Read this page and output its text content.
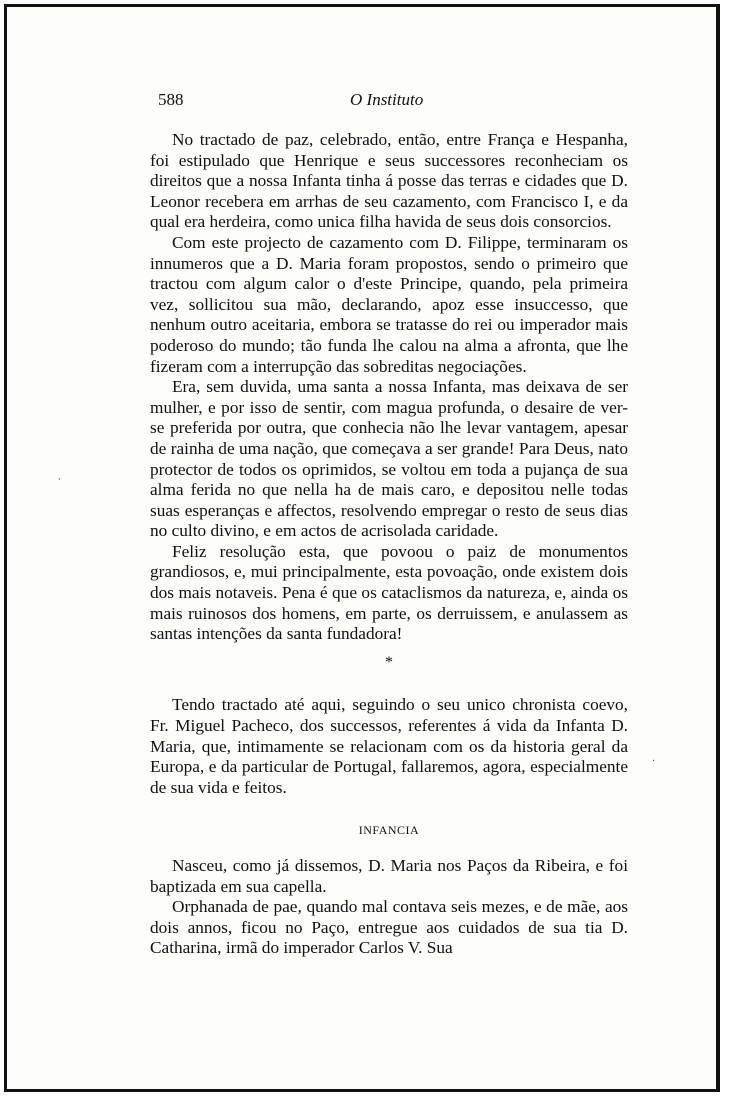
⸳
·
588	O Instituto

No tractado de paz, celebrado, então, entre França e Hespanha, foi estipulado que Henrique e seus successores reconheciam os direitos que a nossa Infanta tinha á posse das terras e cidades que D. Leonor recebera em arrhas de seu cazamento, com Francisco I, e da qual era herdeira, como unica filha havida de seus dois consorcios.

Com este projecto de cazamento com D. Filippe, terminaram os innumeros que a D. Maria foram propostos, sendo o primeiro que tractou com algum calor o d'este Principe, quando, pela primeira vez, sollicitou sua mão, declarando, apoz esse insuccesso, que nenhum outro aceitaria, embora se tratasse do rei ou imperador mais poderoso do mundo; tão funda lhe calou na alma a afronta, que lhe fizeram com a interrupção das sobreditas negociações.

Era, sem duvida, uma santa a nossa Infanta, mas deixava de ser mulher, e por isso de sentir, com magua profunda, o desaire de ver-se preferida por outra, que conhecia não lhe levar vantagem, apesar de rainha de uma nação, que começava a ser grande! Para Deus, nato protector de todos os oprimidos, se voltou em toda a pujança de sua alma ferida no que nella ha de mais caro, e depositou nelle todas suas esperanças e affectos, resolvendo empregar o resto de seus dias no culto divino, e em actos de acrisolada caridade.

Feliz resolução esta, que povoou o paiz de monumentos grandiosos, e, mui principalmente, esta povoação, onde existem dois dos mais notaveis. Pena é que os cataclismos da natureza, e, ainda os mais ruinosos dos homens, em parte, os derruissem, e anulassem as santas intenções da santa fundadora!

*

Tendo tractado até aqui, seguindo o seu unico chronista coevo, Fr. Miguel Pacheco, dos successos, referentes á vida da Infanta D. Maria, que, intimamente se relacionam com os da historia geral da Europa, e da particular de Portugal, fallaremos, agora, especialmente de sua vida e feitos.

INFANCIA

Nasceu, como já dissemos, D. Maria nos Paços da Ribeira, e foi baptizada em sua capella.

Orphanada de pae, quando mal contava seis mezes, e de mãe, aos dois annos, ficou no Paço, entregue aos cuidados de sua tia D. Catharina, irmã do imperador Carlos V. Sua
